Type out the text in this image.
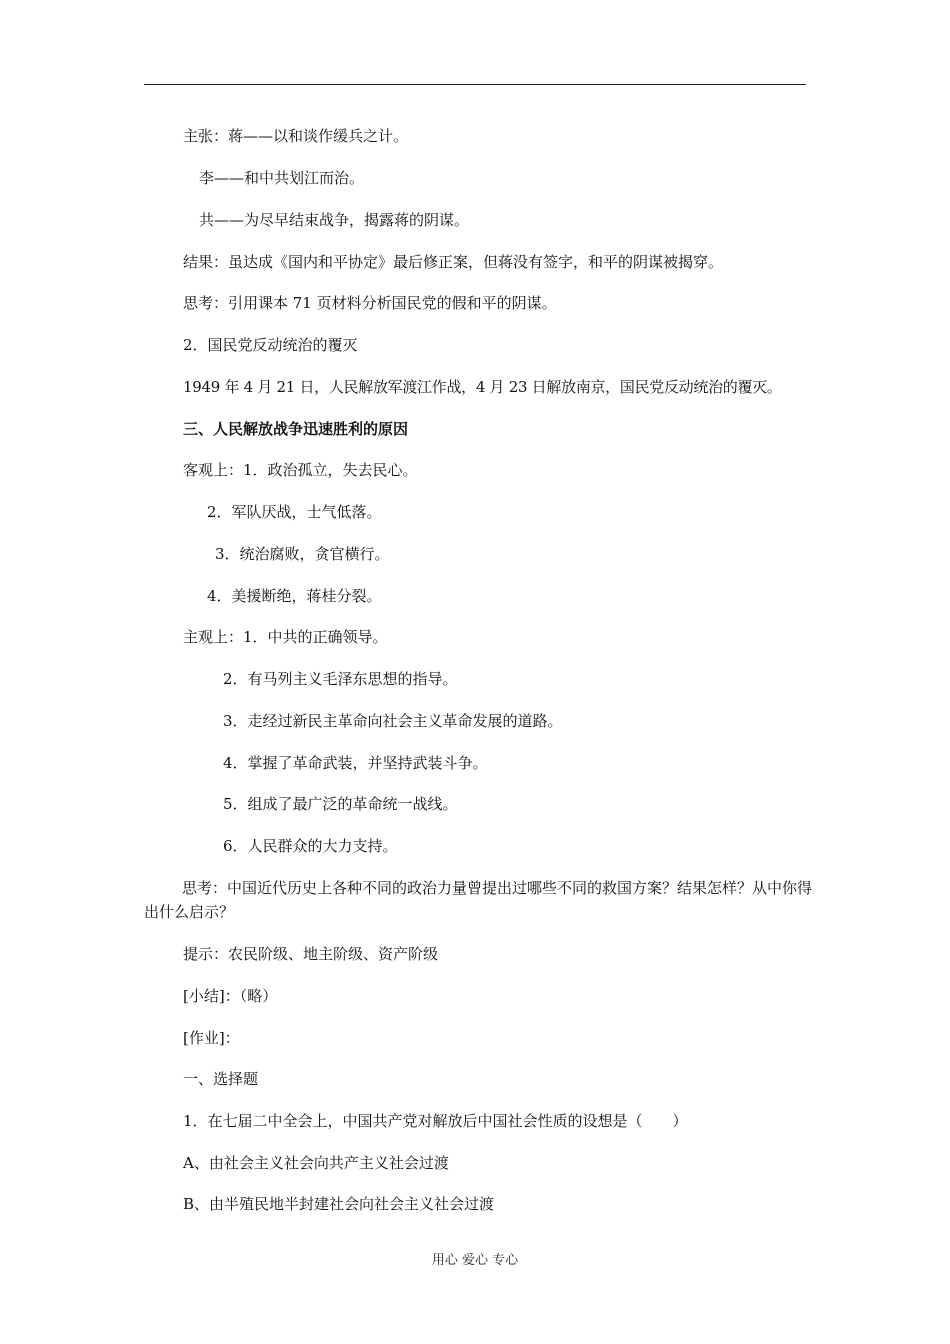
主张：蒋——以和谈作缓兵之计。
李——和中共划江而治。
共——为尽早结束战争，揭露蒋的阴谋。
结果：虽达成《国内和平协定》最后修正案，但蒋没有签字，和平的阴谋被揭穿。
思考：引用课本 71 页材料分析国民党的假和平的阴谋。
2．国民党反动统治的覆灭
1949 年 4 月 21 日，人民解放军渡江作战，4 月 23 日解放南京，国民党反动统治的覆灭。
三、人民解放战争迅速胜利的原因
客观上：1．政治孤立，失去民心。
2．军队厌战，士气低落。
3．统治腐败，贪官横行。
4．美援断绝，蒋桂分裂。
主观上：1．中共的正确领导。
2．有马列主义毛泽东思想的指导。
3．走经过新民主革命向社会主义革命发展的道路。
4．掌握了革命武装，并坚持武装斗争。
5．组成了最广泛的革命统一战线。
6．人民群众的大力支持。
思考：中国近代历史上各种不同的政治力量曾提出过哪些不同的救国方案？结果怎样？从中你得出什么启示？
提示：农民阶级、地主阶级、资产阶级
[小结]：（略）
[作业]：
一、选择题
1．在七届二中全会上，中国共产党对解放后中国社会性质的设想是（　　）
A、由社会主义社会向共产主义社会过渡
B、由半殖民地半封建社会向社会主义社会过渡
用心 爱心 专心
